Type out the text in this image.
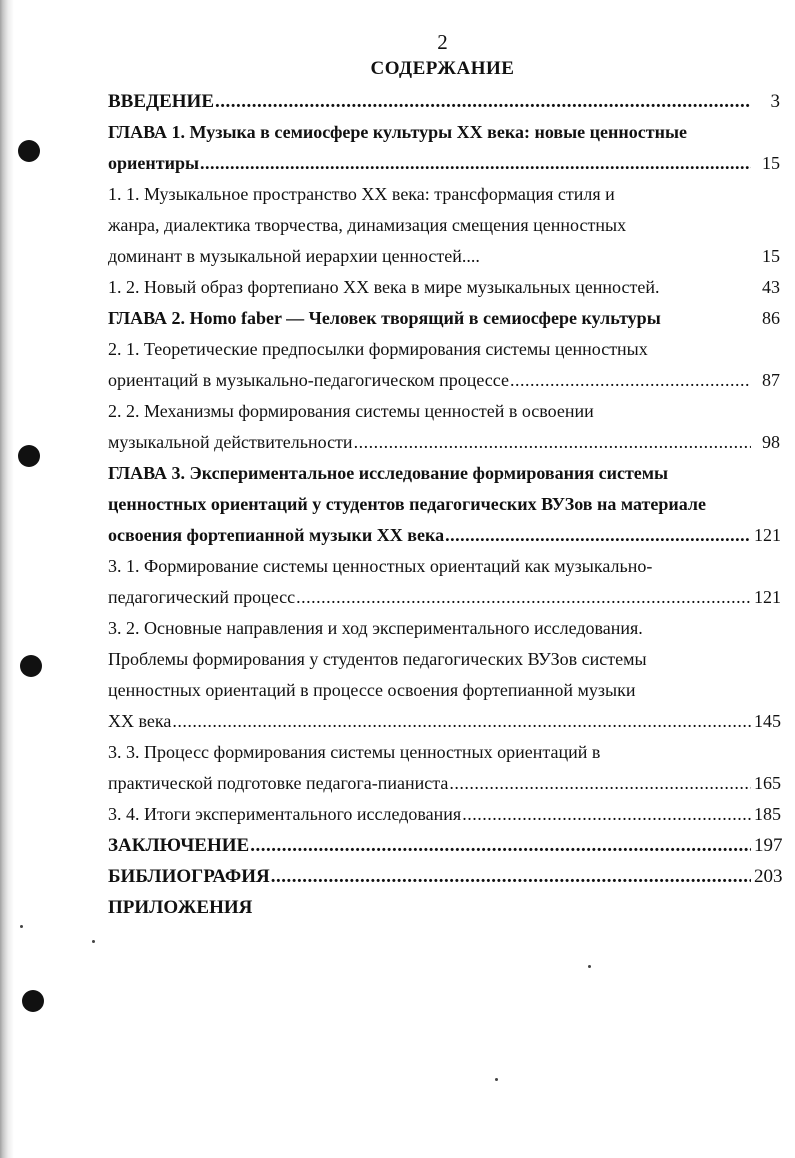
2
СОДЕРЖАНИЕ
ВВЕДЕНИЕ .....	3
ГЛАВА 1. Музыка в семиосфере культуры ХХ века: новые ценностные
ориентиры .....	15
1. 1. Музыкальное пространство ХХ века: трансформация стиля и
жанра, диалектика творчества, динамизация смещения ценностных
доминант в музыкальной иерархии ценностей....	15
1. 2. Новый образ фортепиано ХХ века в мире музыкальных ценностей.	43
ГЛАВА 2. Homo faber — Человек творящий в семиосфере культуры	86
2. 1. Теоретические предпосылки формирования системы ценностных
ориентаций в музыкально-педагогическом процессе .....	87
2. 2. Механизмы формирования системы ценностей в освоении
музыкальной действительности .....	98
ГЛАВА 3. Экспериментальное исследование формирования системы
ценностных ориентаций у студентов педагогических ВУЗов на материале
освоения фортепианной музыки ХХ века .....	121
3. 1. Формирование системы ценностных ориентаций как музыкально-
педагогический процесс .....	121
3. 2. Основные направления и ход экспериментального исследования.
Проблемы формирования у студентов педагогических ВУЗов системы
ценностных ориентаций в процессе освоения фортепианной музыки
ХХ века .....	145
3. 3. Процесс формирования системы ценностных ориентаций в
практической подготовке педагога-пианиста .....	165
3. 4. Итоги экспериментального исследования .....	185
ЗАКЛЮЧЕНИЕ .....	197
БИБЛИОГРАФИЯ .....	203
ПРИЛОЖЕНИЯ
